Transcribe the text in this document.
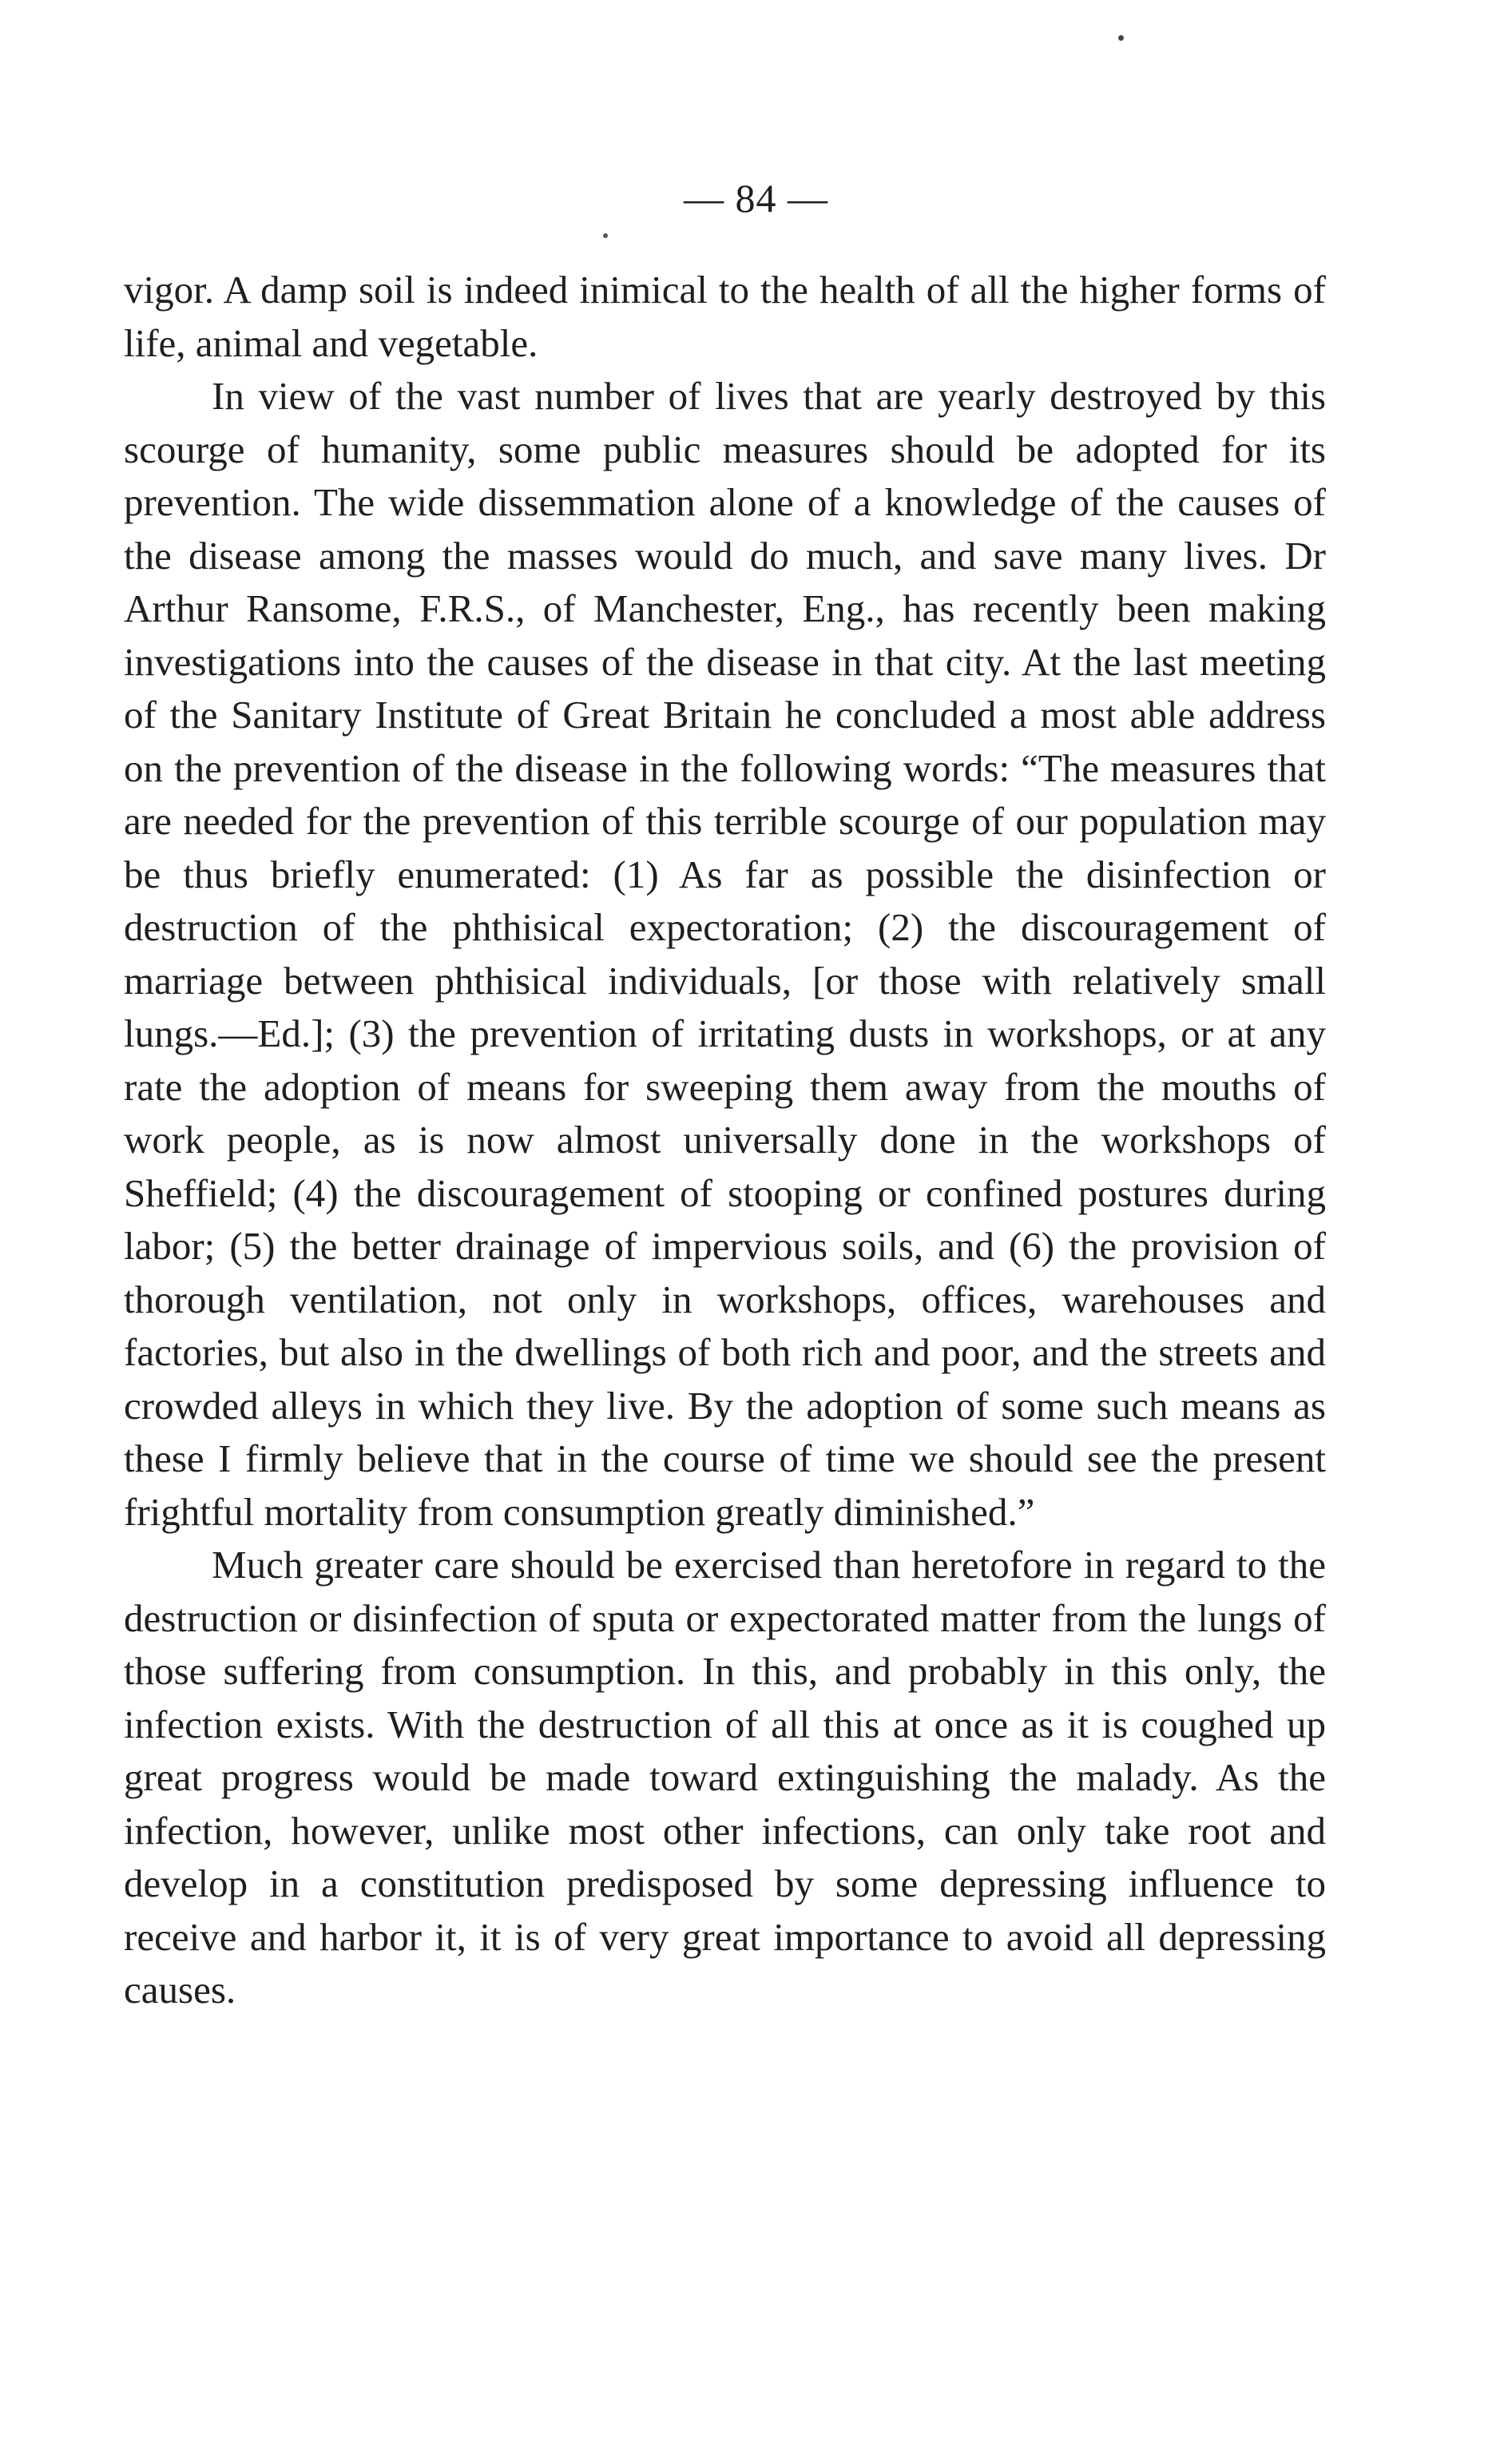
— 84 —

vigor. A damp soil is indeed inimical to the health of all the higher forms of life, animal and vegetable.

In view of the vast number of lives that are yearly destroyed by this scourge of humanity, some public measures should be adopted for its prevention. The wide dissemmation alone of a knowledge of the causes of the disease among the masses would do much, and save many lives. Dr Arthur Ransome, F.R.S., of Manchester, Eng., has recently been making investigations into the causes of the disease in that city. At the last meeting of the Sanitary Institute of Great Britain he concluded a most able address on the prevention of the disease in the following words: “The measures that are needed for the prevention of this terrible scourge of our population may be thus briefly enumerated: (1) As far as possible the disinfection or destruction of the phthisical expectoration; (2) the discouragement of marriage between phthisical individuals, [or those with relatively small lungs.—Ed.]; (3) the prevention of irritating dusts in workshops, or at any rate the adoption of means for sweeping them away from the mouths of work people, as is now almost universally done in the workshops of Sheffield; (4) the discouragement of stooping or confined postures during labor; (5) the better drainage of impervious soils, and (6) the provision of thorough ventilation, not only in workshops, offices, warehouses and factories, but also in the dwellings of both rich and poor, and the streets and crowded alleys in which they live. By the adoption of some such means as these I firmly believe that in the course of time we should see the present frightful mortality from consumption greatly diminished.”

Much greater care should be exercised than heretofore in regard to the destruction or disinfection of sputa or expectorated matter from the lungs of those suffering from consumption. In this, and probably in this only, the infection exists. With the destruction of all this at once as it is coughed up great progress would be made toward extinguishing the malady. As the infection, however, unlike most other infections, can only take root and develop in a constitution predisposed by some depressing influence to receive and harbor it, it is of very great importance to avoid all depressing causes.
